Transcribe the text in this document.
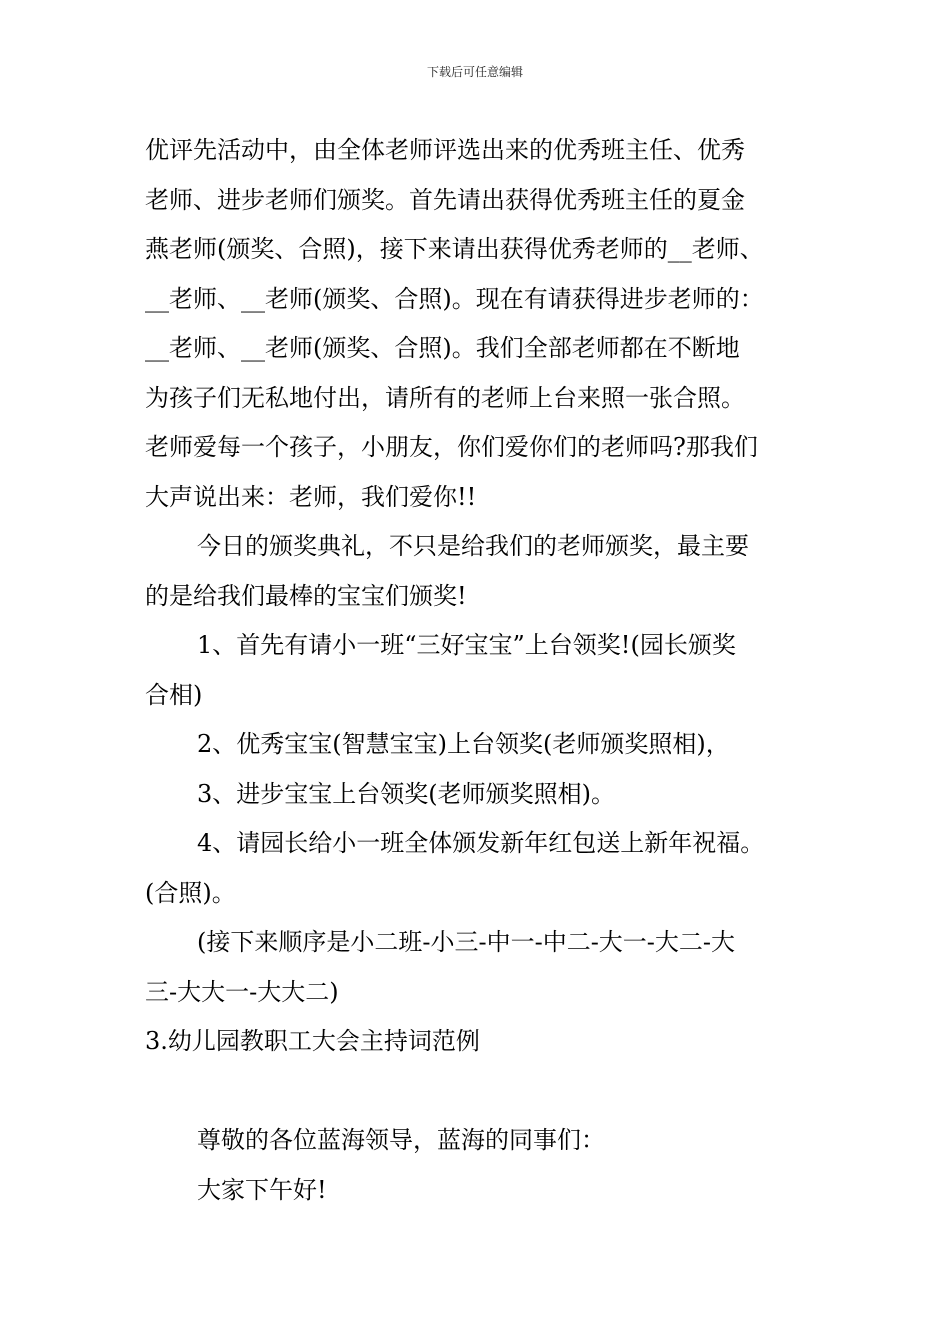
下载后可任意编辑
优评先活动中，由全体老师评选出来的优秀班主任、优秀
老师、进步老师们颁奖。首先请出获得优秀班主任的夏金
燕老师(颁奖、合照)，接下来请出获得优秀老师的__老师、
__老师、__老师(颁奖、合照)。现在有请获得进步老师的：
__老师、__老师(颁奖、合照)。我们全部老师都在不断地
为孩子们无私地付出，请所有的老师上台来照一张合照。
老师爱每一个孩子，小朋友，你们爱你们的老师吗?那我们
大声说出来：老师，我们爱你!!
今日的颁奖典礼，不只是给我们的老师颁奖，最主要
的是给我们最棒的宝宝们颁奖!
1、首先有请小一班“三好宝宝”上台领奖!(园长颁奖
合相)
2、优秀宝宝(智慧宝宝)上台领奖(老师颁奖照相)，
3、进步宝宝上台领奖(老师颁奖照相)。
4、请园长给小一班全体颁发新年红包送上新年祝福。
(合照)。
(接下来顺序是小二班-小三-中一-中二-大一-大二-大
三-大大一-大大二)
3.幼儿园教职工大会主持词范例
尊敬的各位蓝海领导，蓝海的同事们：
大家下午好!
